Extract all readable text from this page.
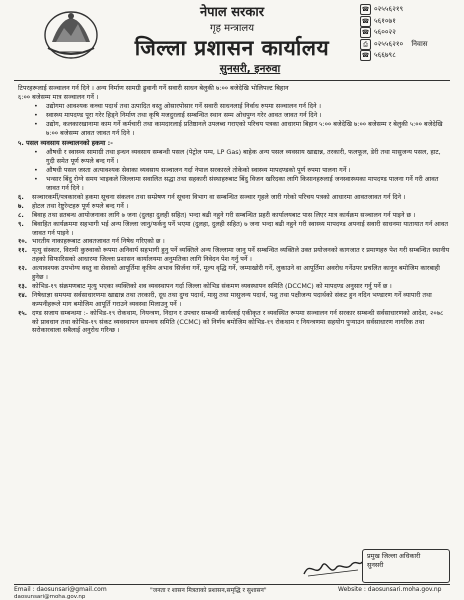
नेपाल सरकार
गृह मन्त्रालय
जिल्ला प्रशासन कार्यालय
सुनसरी, इनरुवा
☎ ०२५५६२१९
☎ ५६१०७१
☎ ५६००२२
⎙ ०२५५६२१०
निवास
☎ ५६६७९८

टिपरहरूलाई सञ्चालन गर्न दिने । अन्य निर्माण सामग्री ढुवानी गर्ने सवारी साधन बेलुकी ७:०० बजेदेखि भोलिपल्ट बिहान

६:०० बजेसम्म मात्र सञ्चालन गर्ने ।

• उद्योगमा आवश्यक कच्चा पदार्थ तथा उत्पादित वस्तु ओसारपोसार गर्ने सवारी साधनलाई निर्वाध रुपमा सञ्चालन गर्न दिने ।
• स्वास्थ्य मापदण्ड पूरा गरेर हिड्ने निर्माण तथा कृषि मजदुरलाई सम्बन्धित स्थान सम्म ओधपुग्न गरेर आवत जावत गर्न दिने ।
• उद्योग, कलकारखानामा काम गर्ने कर्मचारी तथा कामदारलाई प्रतिष्ठानले उपलब्ध गराएको परिचय पत्रका आधारमा बिहान ५:०० बजेदेखि ७:०० बजेसम्म र बेलुकी ५:०० बजेदेखि ७:०० बजेसम्म आवत जावत गर्न दिने ।

५. पसल व्यवसाय सञ्चालनको हकमा :-

• औषधी र स्वास्थ्य सामाग्री तथा इन्धन व्यवसाय सम्बन्धी पसल (पेट्रोल पम्प, LP Gas) बाहेक अन्य पसल व्यवसाय खाद्यान्न, तरकारी, फलफूल, डेरी तथा मासुजन्य पसल, हाट, गुदी समेत पूर्ण रूपले बन्द गर्ने ।
• औषधी पसल जस्ता अत्यावश्यक सेवाका व्यवसाय सञ्चालन गर्दा नेपाल सरकारले तोकेको स्वास्थ्य मापदण्डको पूर्ण रुपमा पालना गर्ने ।
• भन्सार बिंदु रोग्ने समय भाइकले जिल्लामा सवालित सद्धा तथा सहकारी संस्थाहरुबाट बिंदु विजन खरिदका लागि किसानहरुलाई जनस्वास्थ्यका मापदण्ड पालना गर्ने गरी आवत जावत गर्न दिने ।
६. सञ्चारकर्मी/पत्रकारको हकमा सूचना संकलन तथा सम्प्रेषण गर्न सूचना विभाग वा सम्बन्धित सञ्चार गृहले जारी गरेको परिचय पत्रको आधारमा आवतजावत गर्न दिने ।
७. होटल तथा रेष्टुरेन्टहरु पूर्ण रुपले बन्द गर्ने ।
८. बिवाह तथा व्रतबन्ध आयोजनाका लागि ७ जना (दुलहा दुलही सहित) भन्दा बढी नहुने गरी सम्बन्धित प्रहरी कार्यालयबाट पास लिएर मात्र कार्यक्रम सञ्चालन गर्न पाइने छ ।
९. बिवाहित कार्यक्रममा सहभागी भई अन्य जिल्ला जानु/फर्कनु पर्ने भएमा (दुलहा, दुलही सहित) ७ जना भन्दा बढी नहुने गरी स्वास्थ्य मापदण्ड अपनाई सवारी साधनमा यातायात गर्न आवत जावत गर्न पाइने ।
१०. भारतीय नाकाहरूबाट आवतजावत गर्न निषेध गरिएको छ ।
११. मृत्यु संस्कार, विरामी कुरुवाको रूपमा अनिवार्य सहभागी हुनु पर्ने व्यक्तिले अन्य जिल्लामा जानु पर्ने सम्बन्धित व्यक्तिले उक्त प्रयोजनको कागजात र प्रमाणहरु पेश गरी सम्बन्धित स्थानीय तहको सिफारिसको आधारमा जिल्ला प्रशासन कार्यालयमा अनुमतिका लागि निवेदन पेश गर्नु पर्ने ।
१२. अत्यावश्यक उपभोग्य वस्तु वा सेवाको आपूर्तिमा कृत्रिम अभाव सिर्जना गर्ने, मूल्य वृद्धि गर्ने, जम्माखोरी गर्ने, लुकाउने वा आपूर्तिमा अवरोध गर्नेउपर प्रचलित कानून बमोजिम कारबाही हुनेछ ।
१३. कोभिड-१९ संक्रमणबाट मृत्यु भएका व्यक्तिको शव व्यवस्थापन गर्दा जिल्ला कोभिड संकमण व्यवस्थापन समिति (DCCMC) को मापदण्ड अनुसार गर्नु पर्ने छ ।
१४. निषेधाज्ञा समयमा सर्वसाधारणमा खाद्यान्न तथा तरकारी, दूध तथा दुग्ध पदार्थ, मासु तथा मासुजन्य पदार्थ, पशु तथा पक्षीजन्य पदार्थको संकट हुन नदिन भण्डारण गर्ने व्यापारी तथा कम्पनीहरूले माग बमोजिम आपूर्ति गराउने व्यवस्था मिलाउनु पर्ने ।
१५. दण्ड सजाय सम्बन्धमा :- कोभिड-१९ रोकथाम, नियन्त्रण, निदान र उपचार सम्बन्धी कार्यलाई एकीकृत र व्यवस्थित रूपमा सञ्चालन गर्न सरकार सम्बन्धी सर्वसाधारणको आदेश, २०७८ को प्रावधान तथा कोभिड-१९ संकट व्यवस्थापन समन्वय समिति (CCMC) को निर्णय बमोजिम कोभिड-१९ रोकथाम र नियन्त्रणमा सहयोग पुर्‍याउन सर्वसाधारण नागरिक तथा सरोकारवाला सबैलाई अनुरोध गरिन्छ ।
प्रमुख जिल्ला अधिकारी
सुनसरी
Email : daosunsari@gmail.com	"जनता र शासन मित्रताको प्रशासन,समृद्धि र सुशासन"	Website : daosunsari.moha.gov.np
daosunsari@moha.gov.np
